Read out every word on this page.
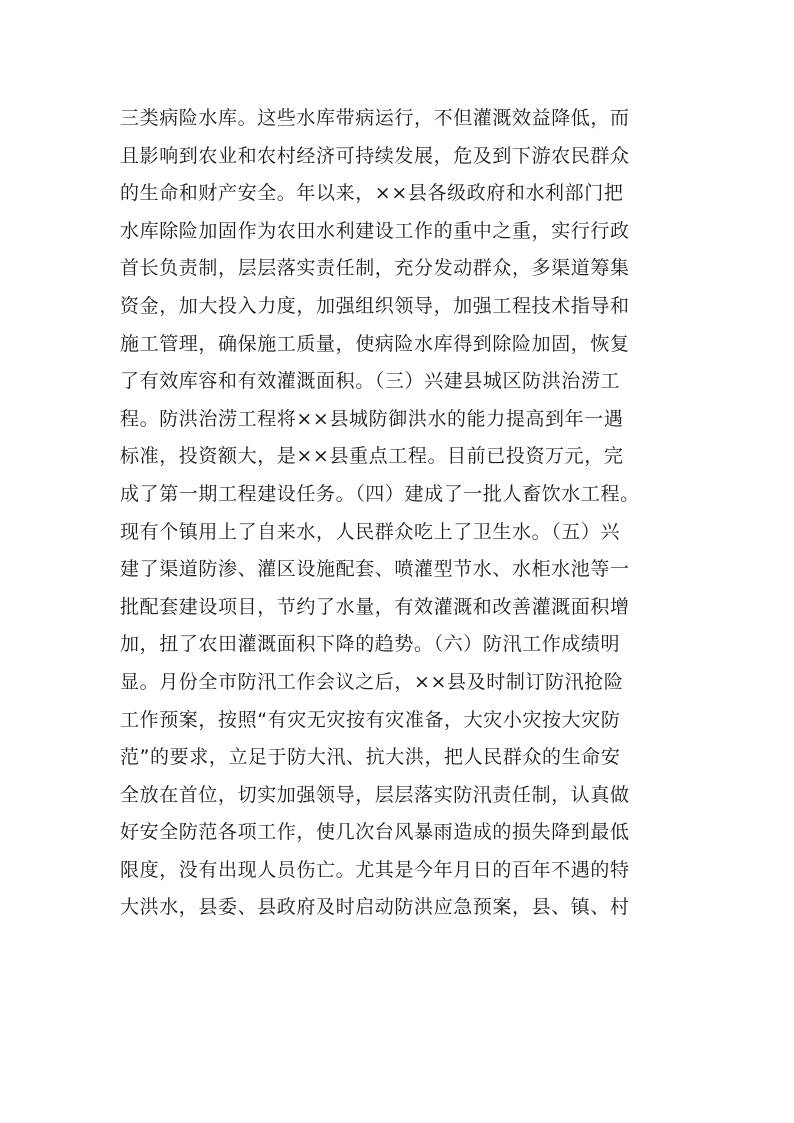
三类病险水库。这些水库带病运行，不但灌溉效益降低，而
且影响到农业和农村经济可持续发展，危及到下游农民群众
的生命和财产安全。年以来，××县各级政府和水利部门把
水库除险加固作为农田水利建设工作的重中之重，实行行政
首长负责制，层层落实责任制，充分发动群众，多渠道筹集
资金，加大投入力度，加强组织领导，加强工程技术指导和
施工管理，确保施工质量，使病险水库得到除险加固，恢复
了有效库容和有效灌溉面积。（三）兴建县城区防洪治涝工
程。防洪治涝工程将××县城防御洪水的能力提高到年一遇
标准，投资额大，是××县重点工程。目前已投资万元，完
成了第一期工程建设任务。（四）建成了一批人畜饮水工程。
现有个镇用上了自来水，人民群众吃上了卫生水。（五）兴
建了渠道防渗、灌区设施配套、喷灌型节水、水柜水池等一
批配套建设项目，节约了水量，有效灌溉和改善灌溉面积增
加，扭了农田灌溉面积下降的趋势。（六）防汛工作成绩明
显。月份全市防汛工作会议之后，××县及时制订防汛抢险
工作预案，按照“有灾无灾按有灾准备，大灾小灾按大灾防
范”的要求，立足于防大汛、抗大洪，把人民群众的生命安
全放在首位，切实加强领导，层层落实防汛责任制，认真做
好安全防范各项工作，使几次台风暴雨造成的损失降到最低
限度，没有出现人员伤亡。尤其是今年月日的百年不遇的特
大洪水，县委、县政府及时启动防洪应急预案，县、镇、村
